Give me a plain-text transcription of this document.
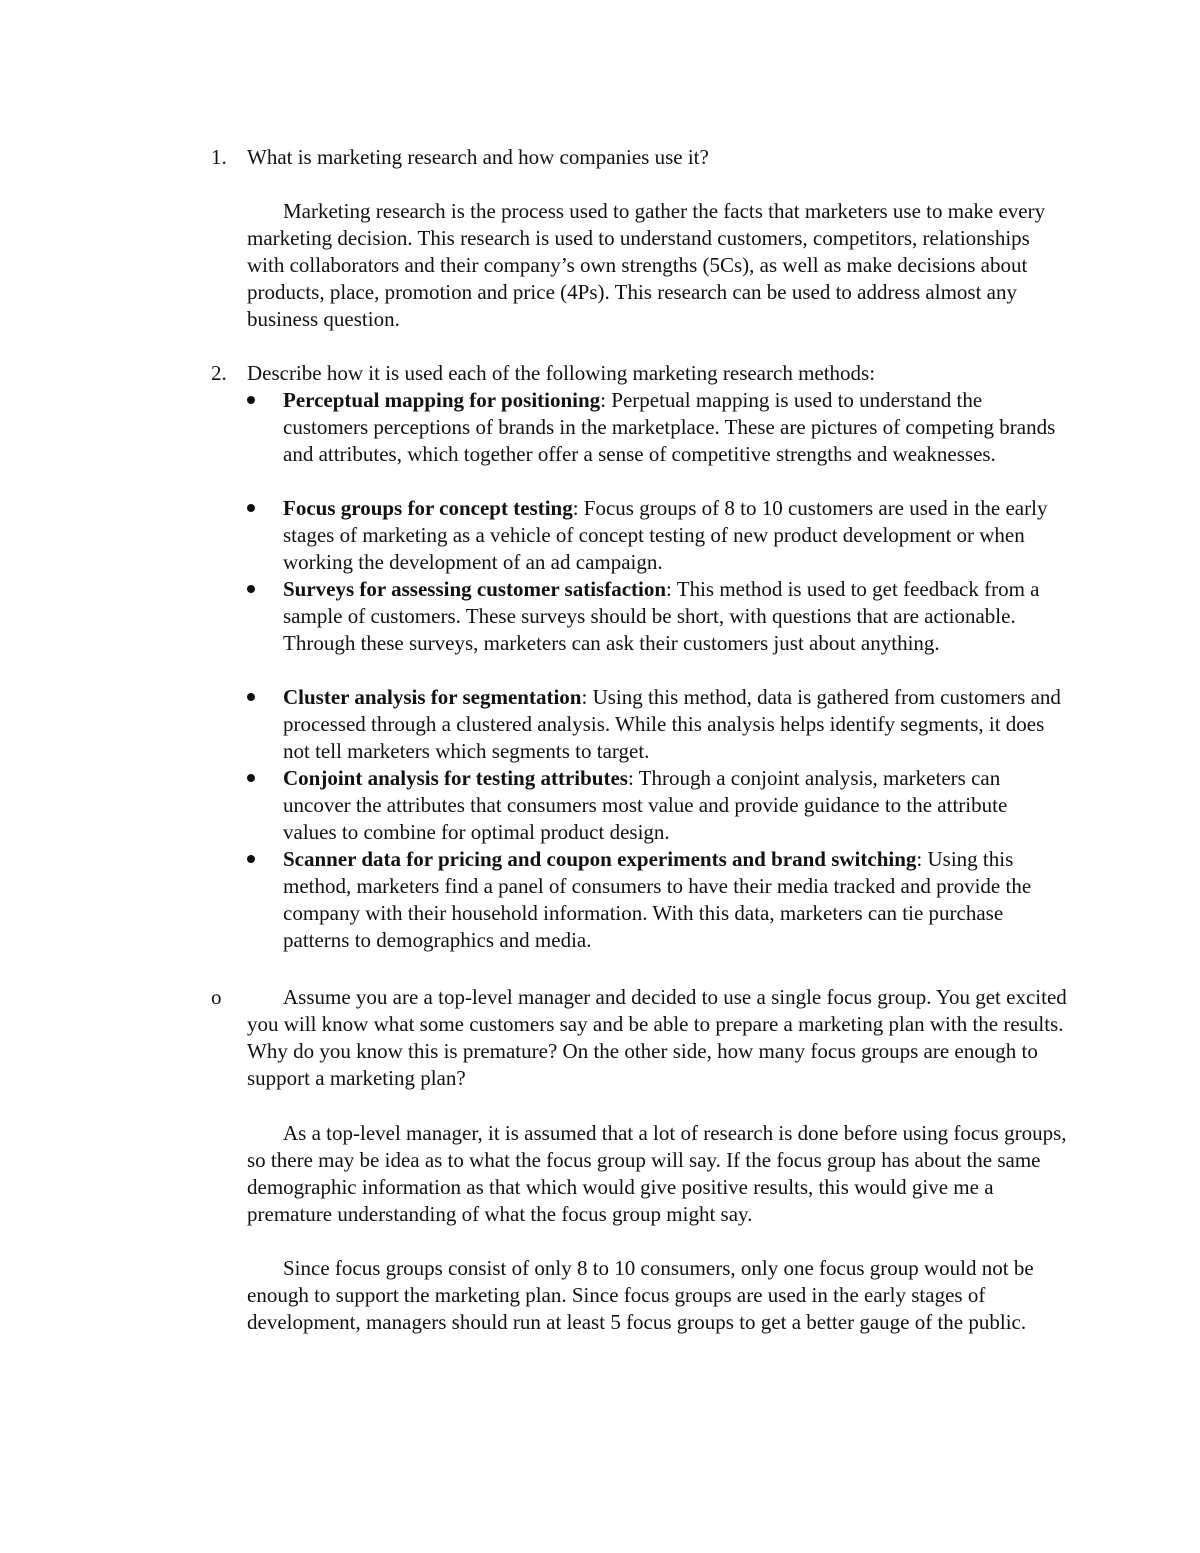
1. What is marketing research and how companies use it?

Marketing research is the process used to gather the facts that marketers use to make every marketing decision. This research is used to understand customers, competitors, relationships with collaborators and their company’s own strengths (5Cs), as well as make decisions about products, place, promotion and price (4Ps). This research can be used to address almost any business question.

2. Describe how it is used each of the following marketing research methods:

Perceptual mapping for positioning: Perpetual mapping is used to understand the customers perceptions of brands in the marketplace. These are pictures of competing brands and attributes, which together offer a sense of competitive strengths and weaknesses.

Focus groups for concept testing: Focus groups of 8 to 10 customers are used in the early stages of marketing as a vehicle of concept testing of new product development or when working the development of an ad campaign.

Surveys for assessing customer satisfaction: This method is used to get feedback from a sample of customers. These surveys should be short, with questions that are actionable. Through these surveys, marketers can ask their customers just about anything.

Cluster analysis for segmentation: Using this method, data is gathered from customers and processed through a clustered analysis. While this analysis helps identify segments, it does not tell marketers which segments to target.

Conjoint analysis for testing attributes: Through a conjoint analysis, marketers can uncover the attributes that consumers most value and provide guidance to the attribute values to combine for optimal product design.

Scanner data for pricing and coupon experiments and brand switching: Using this method, marketers find a panel of consumers to have their media tracked and provide the company with their household information. With this data, marketers can tie purchase patterns to demographics and media.

o	Assume you are a top-level manager and decided to use a single focus group. You get excited you will know what some customers say and be able to prepare a marketing plan with the results. Why do you know this is premature? On the other side, how many focus groups are enough to support a marketing plan?

As a top-level manager, it is assumed that a lot of research is done before using focus groups, so there may be idea as to what the focus group will say. If the focus group has about the same demographic information as that which would give positive results, this would give me a premature understanding of what the focus group might say.

Since focus groups consist of only 8 to 10 consumers, only one focus group would not be enough to support the marketing plan. Since focus groups are used in the early stages of development, managers should run at least 5 focus groups to get a better gauge of the public.
